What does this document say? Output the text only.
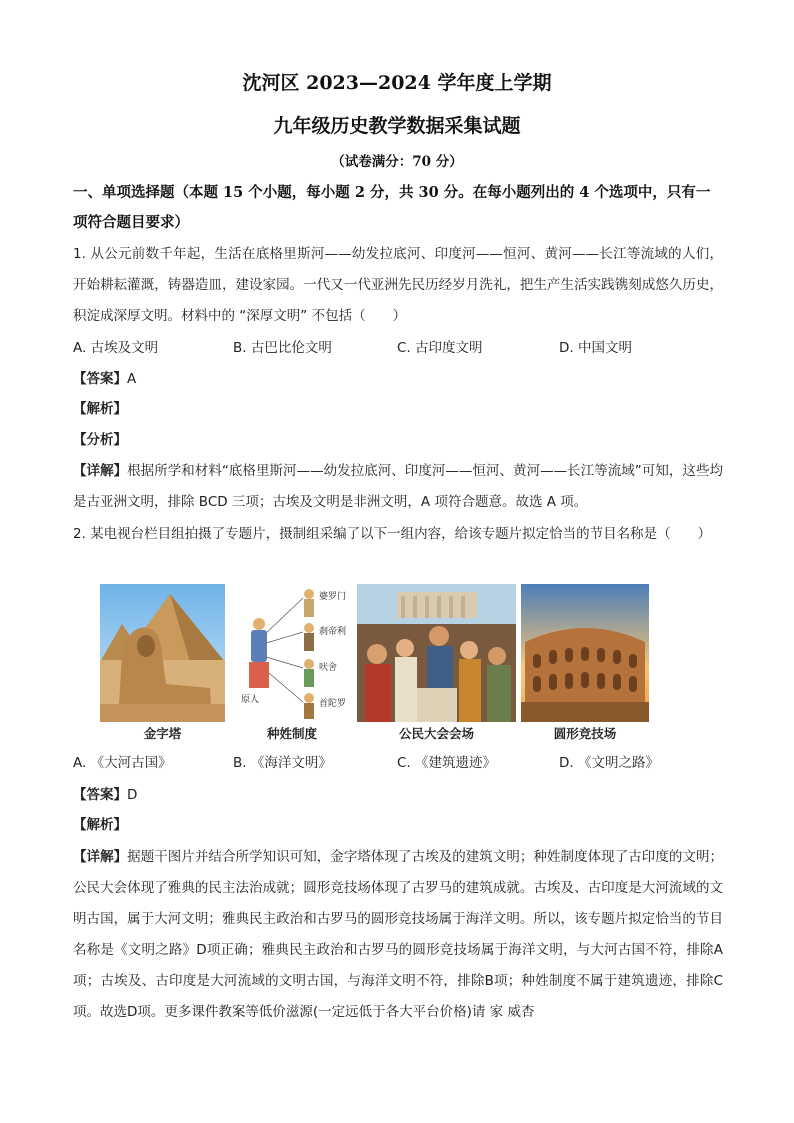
沈河区 2023—2024 学年度上学期
九年级历史教学数据采集试题
（试卷满分：70 分）
一、单项选择题（本题 15 个小题，每小题 2 分，共 30 分。在每小题列出的 4 个选项中，只有一项符合题目要求）
1. 从公元前数千年起，生活在底格里斯河——幼发拉底河、印度河——恒河、黄河——长江等流域的人们，开始耕耘灌溉，铸器造皿，建设家园。一代又一代亚洲先民历经岁月洗礼，把生产生活实践镌刻成悠久历史，积淀成深厚文明。材料中的 “深厚文明” 不包括（　　）
A. 古埃及文明	B. 古巴比伦文明	C. 古印度文明	D. 中国文明
【答案】A
【解析】
【分析】
【详解】根据所学和材料“底格里斯河——幼发拉底河、印度河——恒河、黄河——长江等流域”可知，这些均是古亚洲文明，排除 BCD 三项；古埃及文明是非洲文明，A 项符合题意。故选 A 项。
2. 某电视台栏目组拍摄了专题片，摄制组采编了以下一组内容，给该专题片拟定恰当的节目名称是（　　）
婆罗门
刹帝利
吠舍
首陀罗
原人
金字塔	种姓制度	公民大会会场	圆形竞技场
A. 《大河古国》	B. 《海洋文明》	C. 《建筑遗迹》	D. 《文明之路》
【答案】D
【解析】
【详解】据题干图片并结合所学知识可知，金字塔体现了古埃及的建筑文明；种姓制度体现了古印度的文明；公民大会体现了雅典的民主法治成就；圆形竞技场体现了古罗马的建筑成就。古埃及、古印度是大河流域的文明古国，属于大河文明；雅典民主政治和古罗马的圆形竞技场属于海洋文明。所以，该专题片拟定恰当的节目名称是《文明之路》D项正确；雅典民主政治和古罗马的圆形竞技场属于海洋文明，与大河古国不符，排除A项；古埃及、古印度是大河流域的文明古国，与海洋文明不符，排除B项；种姓制度不属于建筑遗迹，排除C项。故选D项。更多课件教案等低价滋源(一定远低于各大平台价格)请 家 威杏
